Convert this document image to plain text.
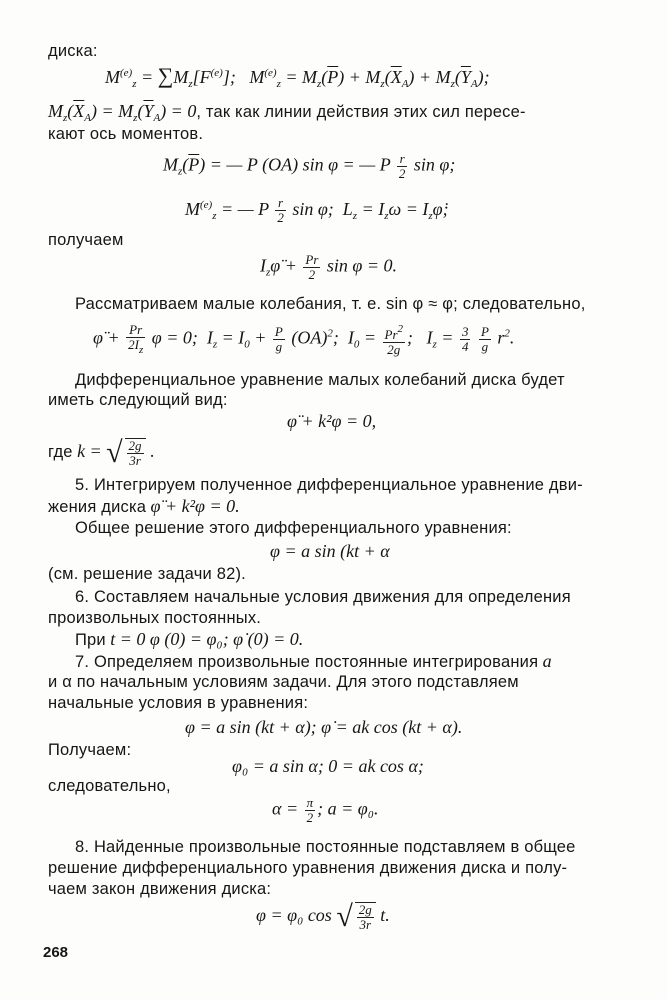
диска:
$M^{(e)}_z = \sum M_z[F^{(e)}]$;   $M^{(e)}_z = M_z(\overline{P}) + M_z(\overline{X}_A) + M_z(\overline{Y}_A)$;
$M_z(\overline{X}_A) = M_z(\overline{Y}_A) = 0$, так как линии действия этих сил пересе-
кают ось моментов.
$M_z(\overline{P})$ = — P (OA) sin φ = — P $\frac{r}{2}$ sin φ;
$M^{(e)}_z$ = — P $\frac{r}{2}$ sin φ;  $L_z = I_z\omega$ = $I_z\varphi̇$;
получаем
$I_z\varphï + \frac{Pr}{2}$ sin φ = 0.
Рассматриваем малые колебания, т. е. sin φ ≈ φ; следовательно,
φ̈ + $\frac{Pr}{2I_z}$ φ = 0;  $I_z = I_0 + \frac{P}{g} (OA)^2$;  $I_0 = \frac{Pr^2}{2g}$ ;   $I_z = \frac{3}{4}$
$\frac{P}{g} r^2$.
Дифференциальное уравнение малых колебаний диска будет
иметь следующий вид:
φ̈ + k²φ = 0,
где k = √ $\frac{2g}{3r}$ .
5. Интегрируем полученное дифференциальное уравнение дви-
жения диска φ̈ + k²φ = 0.
Общее решение этого дифференциального уравнения:
φ = a sin (kt + α
(см. решение задачи 82).
6. Составляем начальные условия движения для определения
произвольных постоянных.
При t = 0 φ (0) = φ₀; φ̇ (0) = 0.
7. Определяем произвольные постоянные интегрирования a
и α по начальным условиям задачи. Для этого подставляем
начальные условия в уравнения:
φ = a sin (kt + α); φ̇ = ak cos (kt + α).
Получаем:
φ₀ = a sin α; 0 = ak cos α;
следовательно,
$\alpha = \frac{\pi}{2}$ ; a = φ₀.
8. Найденные произвольные постоянные подставляем в общее
решение дифференциального уравнения движения диска и полу-
чаем закон движения диска:
φ = φ₀ cos √ $\frac{2g}{3r} t$.
268
